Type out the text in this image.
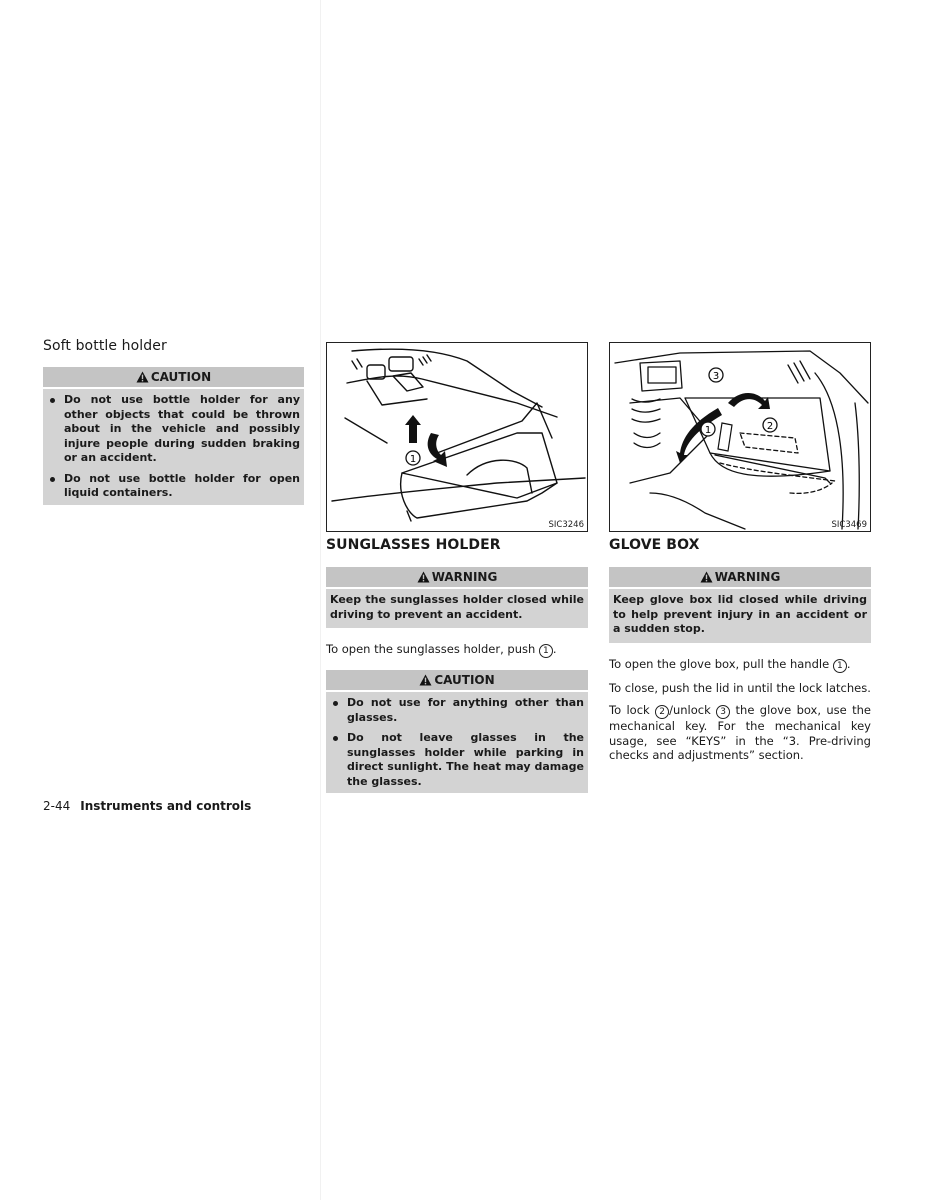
Soft bottle holder
CAUTION
Do not use bottle holder for any other objects that could be thrown about in the vehicle and possibly injure people during sudden braking or an accident.
Do not use bottle holder for open liquid containers.
1
SIC3246
SUNGLASSES HOLDER
WARNING
Keep the sunglasses holder closed while driving to prevent an accident.

To open the sunglasses holder, push 1 .

CAUTION
Do not use for anything other than glasses.
Do not leave glasses in the sunglasses holder while parking in direct sunlight. The heat may damage the glasses.
3
2
1
SIC3469
GLOVE BOX
WARNING
Keep glove box lid closed while driving to help prevent injury in an accident or a sudden stop.

To open the glove box, pull the handle 1 .

To close, push the lid in until the lock latches.

To lock 2 /unlock 3 the glove box, use the mechanical key. For the mechanical key usage, see “KEYS” in the “3. Pre-driving checks and adjustments” section.

2-44 Instruments and controls
